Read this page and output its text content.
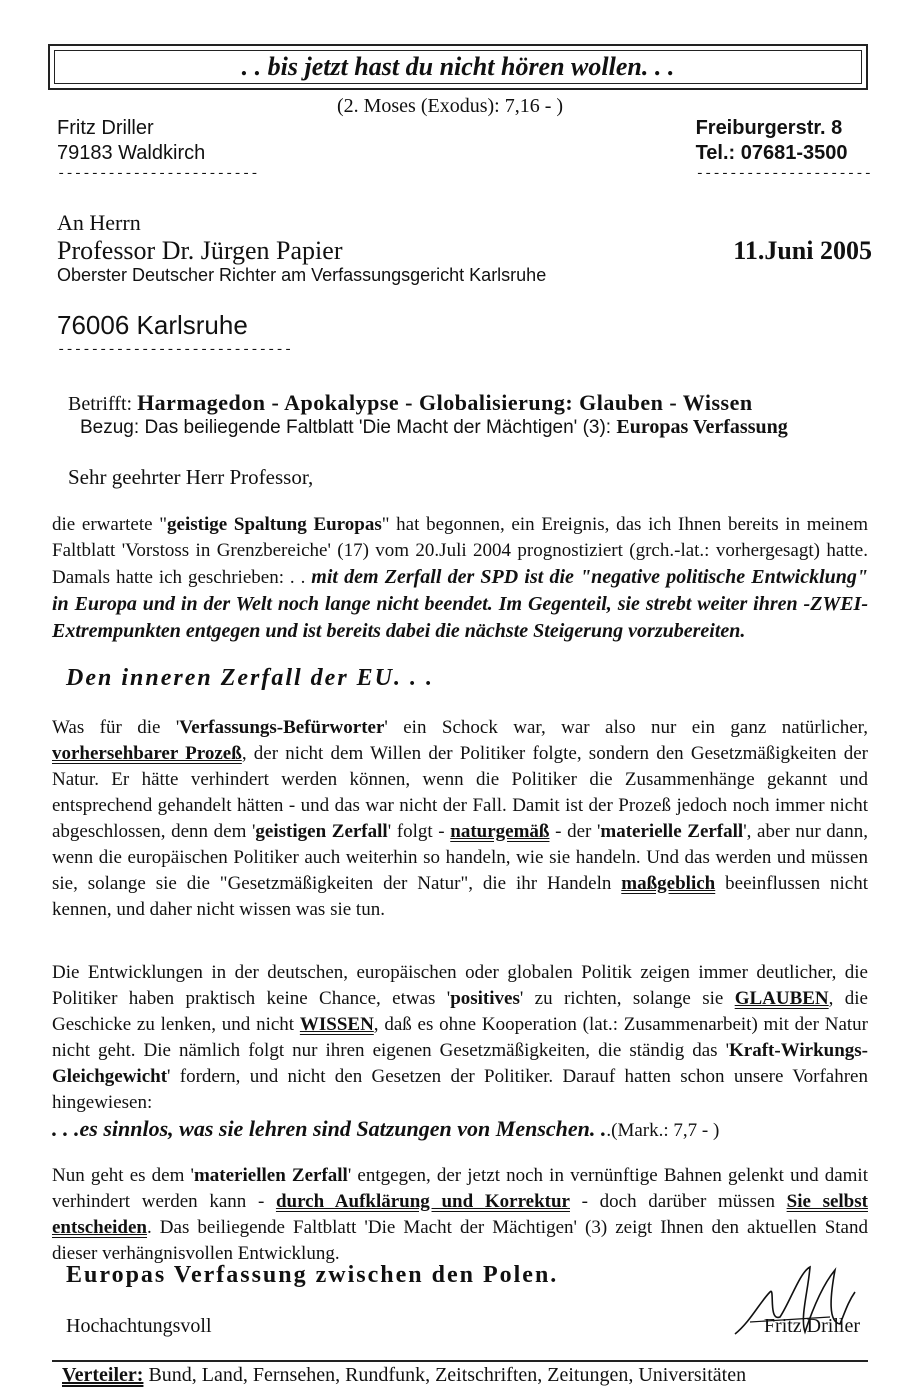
. . bis jetzt hast du nicht hören wollen. . .
(2. Moses (Exodus): 7,16 - )
Fritz Driller
79183 Waldkirch
------------------------
Freiburgerstr. 8
Tel.: 07681-3500
---------------------
An Herrn
Professor Dr. Jürgen Papier
Oberster Deutscher Richter am Verfassungsgericht Karlsruhe
11.Juni 2005
76006 Karlsruhe
----------------------------
Betrifft: Harmagedon - Apokalypse - Globalisierung: Glauben - Wissen
Bezug: Das beiliegende Faltblatt 'Die Macht der Mächtigen' (3): Europas Verfassung
Sehr geehrter Herr Professor,
die erwartete "geistige Spaltung Europas" hat begonnen, ein Ereignis, das ich Ihnen bereits in meinem Faltblatt 'Vorstoss in Grenzbereiche' (17) vom 20.Juli 2004 prognostiziert (grch.-lat.: vorhergesagt) hatte. Damals hatte ich geschrieben: . . mit dem Zerfall der SPD ist die "negative politische Entwicklung" in Europa und in der Welt noch lange nicht beendet. Im Gegenteil, sie strebt weiter ihren -ZWEI- Extrempunkten entgegen und ist bereits dabei die nächste Steigerung vorzubereiten.
Den inneren Zerfall der EU. . .
Was für die 'Verfassungs-Befürworter' ein Schock war, war also nur ein ganz natürlicher, vorhersehbarer Prozeß, der nicht dem Willen der Politiker folgte, sondern den Gesetzmäßigkeiten der Natur. Er hätte verhindert werden können, wenn die Politiker die Zusammenhänge gekannt und entsprechend gehandelt hätten - und das war nicht der Fall. Damit ist der Prozeß jedoch noch immer nicht abgeschlossen, denn dem 'geistigen Zerfall' folgt - naturgemäß - der 'materielle Zerfall', aber nur dann, wenn die europäischen Politiker auch weiterhin so handeln, wie sie handeln. Und das werden und müssen sie, solange sie die "Gesetzmäßigkeiten der Natur", die ihr Handeln maßgeblich beeinflussen nicht kennen, und daher nicht wissen was sie tun.
Die Entwicklungen in der deutschen, europäischen oder globalen Politik zeigen immer deutlicher, die Politiker haben praktisch keine Chance, etwas 'positives' zu richten, solange sie GLAUBEN, die Geschicke zu lenken, und nicht WISSEN, daß es ohne Kooperation (lat.: Zusammenarbeit) mit der Natur nicht geht. Die nämlich folgt nur ihren eigenen Gesetzmäßigkeiten, die ständig das 'Kraft-Wirkungs-Gleichgewicht' fordern, und nicht den Gesetzen der Politiker. Darauf hatten schon unsere Vorfahren hingewiesen:
. . .es sinnlos, was sie lehren sind Satzungen von Menschen. ..(Mark.: 7,7 - )
Nun geht es dem 'materiellen Zerfall' entgegen, der jetzt noch in vernünftige Bahnen gelenkt und damit verhindert werden kann - durch Aufklärung und Korrektur - doch darüber müssen Sie selbst entscheiden. Das beiliegende Faltblatt 'Die Macht der Mächtigen' (3) zeigt Ihnen den aktuellen Stand dieser verhängnisvollen Entwicklung.
Europas Verfassung zwischen den Polen.
Hochachtungsvoll	Fritz Driller
Verteiler: Bund, Land, Fernsehen, Rundfunk, Zeitschriften, Zeitungen, Universitäten
